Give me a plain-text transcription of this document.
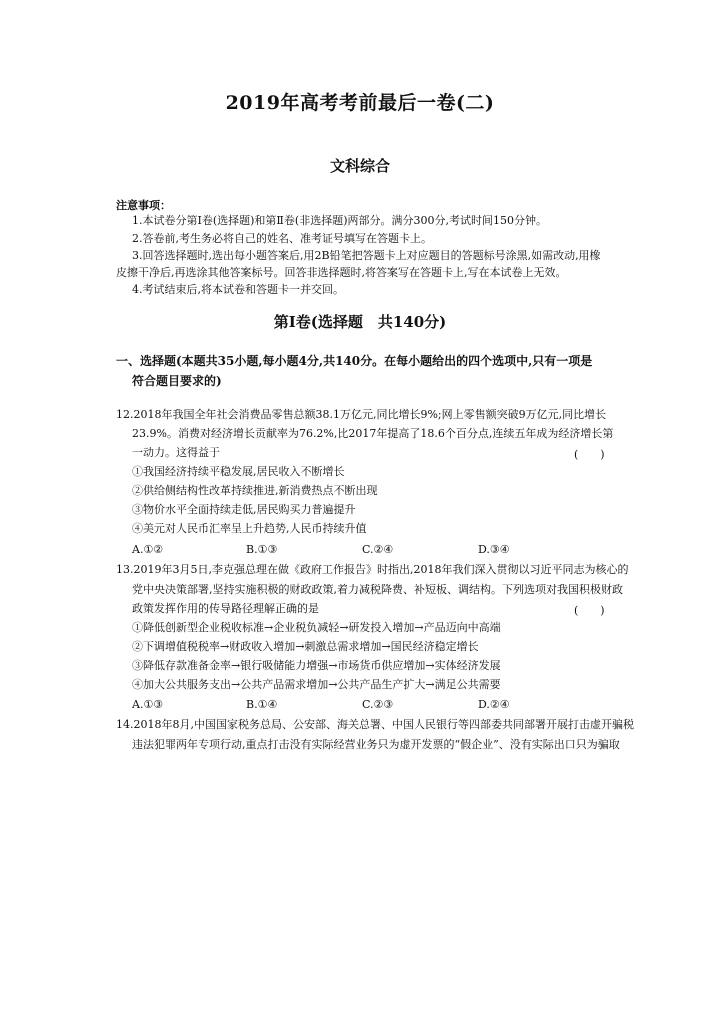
2019年高考考前最后一卷(二)
文科综合
注意事项：
1.本试卷分第Ⅰ卷(选择题)和第Ⅱ卷(非选择题)两部分。满分300分,考试时间150分钟。
2.答卷前,考生务必将自己的姓名、准考证号填写在答题卡上。
3.回答选择题时,选出每小题答案后,用2B铅笔把答题卡上对应题目的答题标号涂黑,如需改动,用橡
皮擦干净后,再选涂其他答案标号。回答非选择题时,将答案写在答题卡上,写在本试卷上无效。
4.考试结束后,将本试卷和答题卡一并交回。
第Ⅰ卷(选择题　共140分)
一、选择题(本题共35小题,每小题4分,共140分。在每小题给出的四个选项中,只有一项是
符合题目要求的)
12.2018年我国全年社会消费品零售总额38.1万亿元,同比增长9%;网上零售额突破9万亿元,同比增长
23.9%。消费对经济增长贡献率为76.2%,比2017年提高了18.6个百分点,连续五年成为经济增长第
一动力。这得益于	(　　)
①我国经济持续平稳发展,居民收入不断增长
②供给侧结构性改革持续推进,新消费热点不断出现
③物价水平全面持续走低,居民购买力普遍提升
④美元对人民币汇率呈上升趋势,人民币持续升值
A.①②	B.①③	C.②④	D.③④
13.2019年3月5日,李克强总理在做《政府工作报告》时指出,2018年我们深入贯彻以习近平同志为核心的
党中央决策部署,坚持实施积极的财政政策,着力减税降费、补短板、调结构。下列选项对我国积极财政
政策发挥作用的传导路径理解正确的是	(　　)
①降低创新型企业税收标准→企业税负减轻→研发投入增加→产品迈向中高端
②下调增值税税率→财政收入增加→刺激总需求增加→国民经济稳定增长
③降低存款准备金率→银行吸储能力增强→市场货币供应增加→实体经济发展
④加大公共服务支出→公共产品需求增加→公共产品生产扩大→满足公共需要
A.①③	B.①④	C.②③	D.②④
14.2018年8月,中国国家税务总局、公安部、海关总署、中国人民银行等四部委共同部署开展打击虚开骗税
违法犯罪两年专项行动,重点打击没有实际经营业务只为虚开发票的“假企业”、没有实际出口只为骗取
